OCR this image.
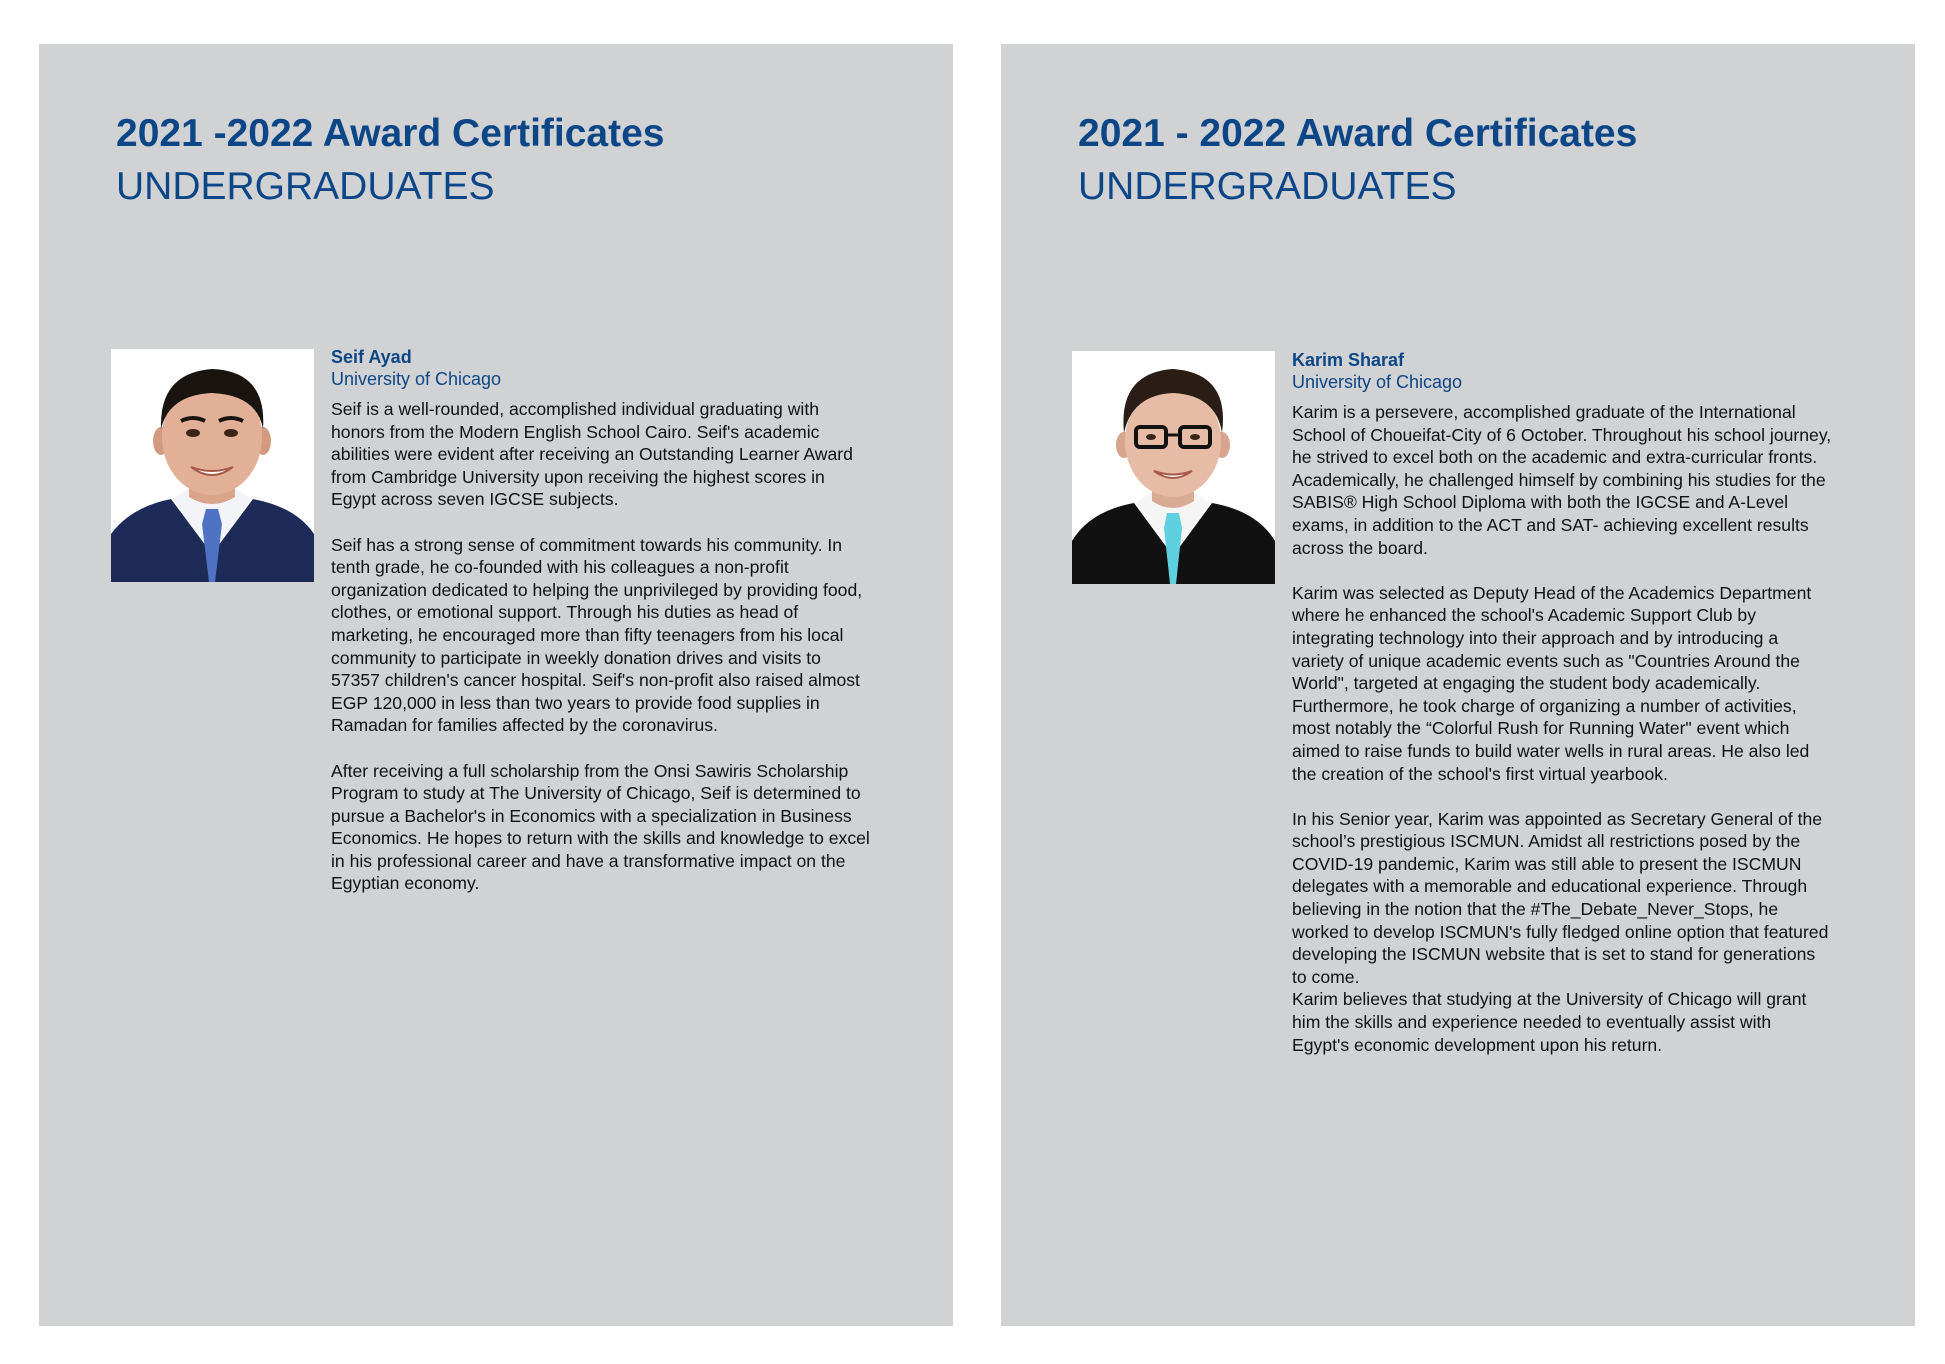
2021 -2022 Award Certificates
UNDERGRADUATES

Seif Ayad

University of Chicago

Seif is a well-rounded, accomplished individual graduating with honors from the Modern English School Cairo. Seif's academic abilities were evident after receiving an Outstanding Learner Award from Cambridge University upon receiving the highest scores in Egypt across seven IGCSE subjects.

Seif has a strong sense of commitment towards his community. In tenth grade, he co-founded with his colleagues a non-profit organization dedicated to helping the unprivileged by providing food, clothes, or emotional support. Through his duties as head of marketing, he encouraged more than fifty teenagers from his local community to participate in weekly donation drives and visits to 57357 children's cancer hospital. Seif's non-profit also raised almost EGP 120,000 in less than two years to provide food supplies in Ramadan for families affected by the coronavirus.

After receiving a full scholarship from the Onsi Sawiris Scholarship Program to study at The University of Chicago, Seif is determined to pursue a Bachelor's in Economics with a specialization in Business Economics. He hopes to return with the skills and knowledge to excel in his professional career and have a transformative impact on the Egyptian economy.

2021 - 2022 Award Certificates
UNDERGRADUATES

Karim Sharaf

University of Chicago

Karim is a persevere, accomplished graduate of the International School of Choueifat-City of 6 October. Throughout his school journey, he strived to excel both on the academic and extra-curricular fronts.

Academically, he challenged himself by combining his studies for the SABIS® High School Diploma with both the IGCSE and A-Level exams, in addition to the ACT and SAT- achieving excellent results across the board.

Karim was selected as Deputy Head of the Academics Department where he enhanced the school's Academic Support Club by integrating technology into their approach and by introducing a variety of unique academic events such as "Countries Around the World", targeted at engaging the student body academically. Furthermore, he took charge of organizing a number of activities, most notably the “Colorful Rush for Running Water" event which aimed to raise funds to build water wells in rural areas. He also led the creation of the school's first virtual yearbook.

In his Senior year, Karim was appointed as Secretary General of the school’s prestigious ISCMUN. Amidst all restrictions posed by the COVID-19 pandemic, Karim was still able to present the ISCMUN delegates with a memorable and educational experience. Through believing in the notion that the #The_Debate_Never_Stops, he worked to develop ISCMUN's fully fledged online option that featured developing the ISCMUN website that is set to stand for generations to come.

Karim believes that studying at the University of Chicago will grant him the skills and experience needed to eventually assist with Egypt's economic development upon his return.
